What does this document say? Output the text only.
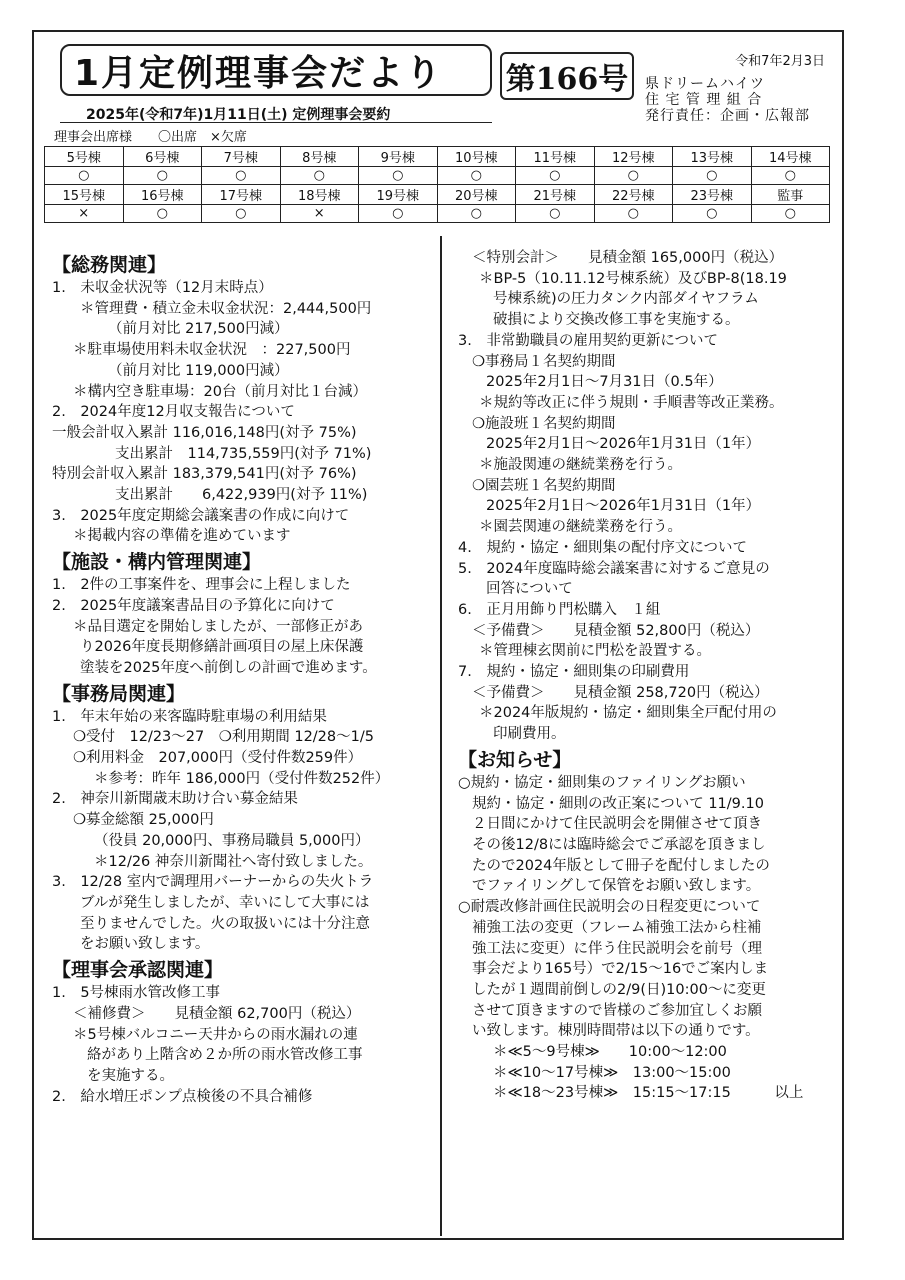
1月定例理事会だより
2025年(令和7年)1月11日(土) 定例理事会要約
第166号
令和7年2月3日
県ドリームハイツ
住 宅 管 理 組 合
発行責任：企画・広報部
理事会出席様　　〇出席　×欠席
5号棟	6号棟	7号棟	8号棟	9号棟	10号棟	11号棟	12号棟	13号棟	14号棟
○	○	○	○	○	○	○	○	○	○
15号棟	16号棟	17号棟	18号棟	19号棟	20号棟	21号棟	22号棟	23号棟	監事
×	○	○	×	○	○	○	○	○	○
【総務関連】

1.　未収金状況等（12月末時点）

＊管理費・積立金未収金状況：2,444,500円

（前月対比 217,500円減）

＊駐車場使用料未収金状況　：227,500円

（前月対比 119,000円減）

＊構内空き駐車場：20台（前月対比１台減）

2.　2024年度12月収支報告について

一般会計収入累計 116,016,148円(対予 75%)

支出累計　114,735,559円(対予 71%)

特別会計収入累計 183,379,541円(対予 76%)

支出累計　　6,422,939円(対予 11%)

3.　2025年度定期総会議案書の作成に向けて

＊掲載内容の準備を進めています

【施設・構内管理関連】

1.　2件の工事案件を、理事会に上程しました

2.　2025年度議案書品目の予算化に向けて

＊品目選定を開始しましたが、一部修正があ

り2026年度長期修繕計画項目の屋上床保護

塗装を2025年度へ前倒しの計画で進めます。

【事務局関連】

1.　年末年始の来客臨時駐車場の利用結果

❍受付　12/23～27　❍利用期間 12/28～1/5

❍利用料金　207,000円（受付件数259件）

＊参考：昨年 186,000円（受付件数252件）

2.　神奈川新聞歳末助け合い募金結果

❍募金総額 25,000円

（役員 20,000円、事務局職員 5,000円）

＊12/26 神奈川新聞社へ寄付致しました。

3.　12/28 室内で調理用バーナーからの失火トラ

ブルが発生しましたが、幸いにして大事には

至りませんでした。火の取扱いには十分注意

をお願い致します。

【理事会承認関連】

1.　5号棟雨水管改修工事

＜補修費＞　　見積金額 62,700円（税込）

＊5号棟バルコニー天井からの雨水漏れの連

絡があり上階含め２か所の雨水管改修工事

を実施する。

2.　給水増圧ポンプ点検後の不具合補修

＜特別会計＞　　見積金額 165,000円（税込）

＊BP-5（10.11.12号棟系統）及びBP-8(18.19

号棟系統)の圧力タンク内部ダイヤフラム

破損により交換改修工事を実施する。

3.　非常勤職員の雇用契約更新について

❍事務局１名契約期間

2025年2月1日～7月31日（0.5年）

＊規約等改正に伴う規則・手順書等改正業務。

❍施設班１名契約期間

2025年2月1日～2026年1月31日（1年）

＊施設関連の継続業務を行う。

❍園芸班１名契約期間

2025年2月1日～2026年1月31日（1年）

＊園芸関連の継続業務を行う。

4.　規約・協定・細則集の配付序文について

5.　2024年度臨時総会議案書に対するご意見の

回答について

6.　正月用飾り門松購入　１組

＜予備費＞　　見積金額 52,800円（税込）

＊管理棟玄関前に門松を設置する。

7.　規約・協定・細則集の印刷費用

＜予備費＞　　見積金額 258,720円（税込）

＊2024年版規約・協定・細則集全戸配付用の

印刷費用。

【お知らせ】

○規約・協定・細則集のファイリングお願い

規約・協定・細則の改正案について 11/9.10

２日間にかけて住民説明会を開催させて頂き

その後12/8には臨時総会でご承認を頂きまし

たので2024年版として冊子を配付しましたの

でファイリングして保管をお願い致します。

○耐震改修計画住民説明会の日程変更について

補強工法の変更（フレーム補強工法から柱補

強工法に変更）に伴う住民説明会を前号（理

事会だより165号）で2/15～16でご案内しま

したが１週間前倒しの2/9(日)10:00～に変更

させて頂きますので皆様のご参加宜しくお願

い致します。棟別時間帯は以下の通りです。

＊≪5～9号棟≫　　10:00～12:00

＊≪10～17号棟≫　13:00～15:00

＊≪18～23号棟≫　15:15～17:15　　　以上
